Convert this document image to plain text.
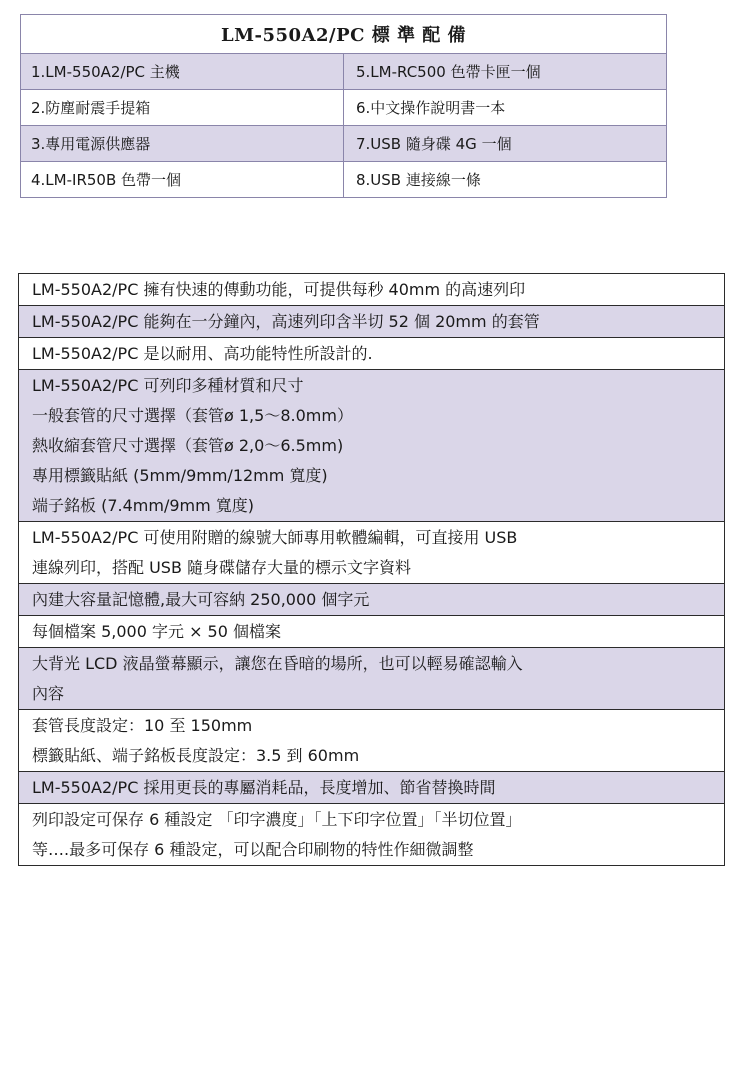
LM-550A2/PC 標 準 配 備	
1.LM-550A2/PC 主機	5.LM-RC500 色帶卡匣一個
2.防塵耐震手提箱	6.中文操作說明書一本
3.專用電源供應器	7.USB 隨身碟 4G 一個
4.LM-IR50B 色帶一個	8.USB 連接線一條
LM-550A2/PC 擁有快速的傳動功能，可提供每秒 40mm 的高速列印
LM-550A2/PC 能夠在一分鐘內，高速列印含半切 52 個 20mm 的套管
LM-550A2/PC 是以耐用、高功能特性所設計的.
LM-550A2/PC 可列印多種材質和尺寸
一般套管的尺寸選擇（套管ø 1,5～8.0mm）
熱收縮套管尺寸選擇（套管ø 2,0～6.5mm)
專用標籤貼紙 (5mm/9mm/12mm 寬度)
端子銘板 (7.4mm/9mm 寬度)
LM-550A2/PC 可使用附贈的線號大師專用軟體編輯，可直接用 USB
連線列印，搭配 USB 隨身碟儲存大量的標示文字資料
內建大容量記憶體,最大可容納 250,000 個字元
每個檔案 5,000 字元 × 50 個檔案
大背光 LCD 液晶螢幕顯示，讓您在昏暗的場所，也可以輕易確認輸入
內容
套管長度設定：10 至 150mm
標籤貼紙、端子銘板長度設定：3.5 到 60mm
LM-550A2/PC 採用更長的專屬消耗品，長度增加、節省替換時間
列印設定可保存 6 種設定 「印字濃度」「上下印字位置」「半切位置」
等….最多可保存 6 種設定，可以配合印刷物的特性作細微調整
